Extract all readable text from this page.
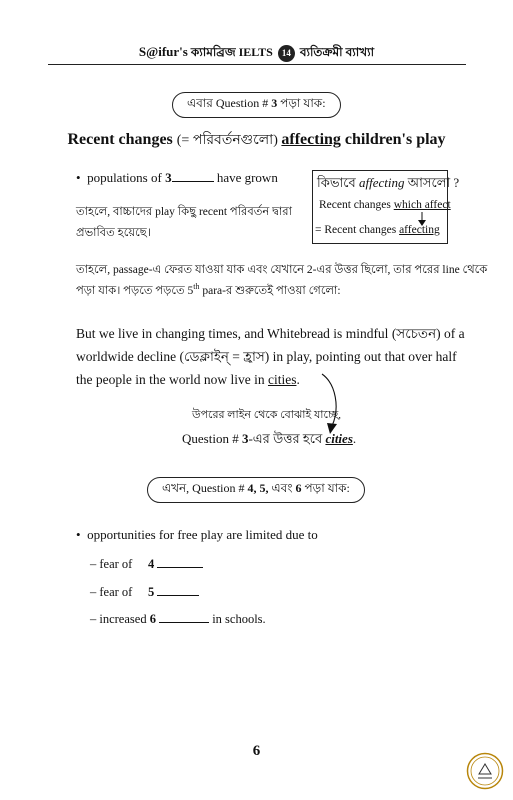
S@ifur's ক্যামব্রিজ IELTS 14 ব্যতিক্রমী ব্যাখ্যা
এবার Question # 3 পড়া যাক:
Recent changes (= পরিবর্তনগুলো) affecting children's play
• populations of 3	have grown
তাহলে, বাচ্চাদের play কিছু recent পরিবর্তন দ্বারা
প্রভাবিত হয়েছে।
কিভাবে affecting আসলো ?
Recent changes which affect
= Recent changes affecting
তাহলে, passage-এ ফেরত যাওয়া যাক এবং যেখানে 2-এর উত্তর ছিলো, তার পরের line থেকে
পড়া যাক। পড়তে পড়তে 5th para-র শুরুতেই পাওয়া গেলো:
But we live in changing times, and Whitebread is mindful (সচেতন) of a
worldwide decline (ডেক্লাইন্ = হ্রাস) in play, pointing out that over half
the people in the world now live in cities.
উপরের লাইন থেকে বোঝাই যাচ্ছে,
Question # 3-এর উত্তর হবে cities.
এখন, Question # 4, 5, এবং 6 পড়া যাক:
• opportunities for free play are limited due to
– fear of 4
– fear of 5
– increased 6	in schools.
6
